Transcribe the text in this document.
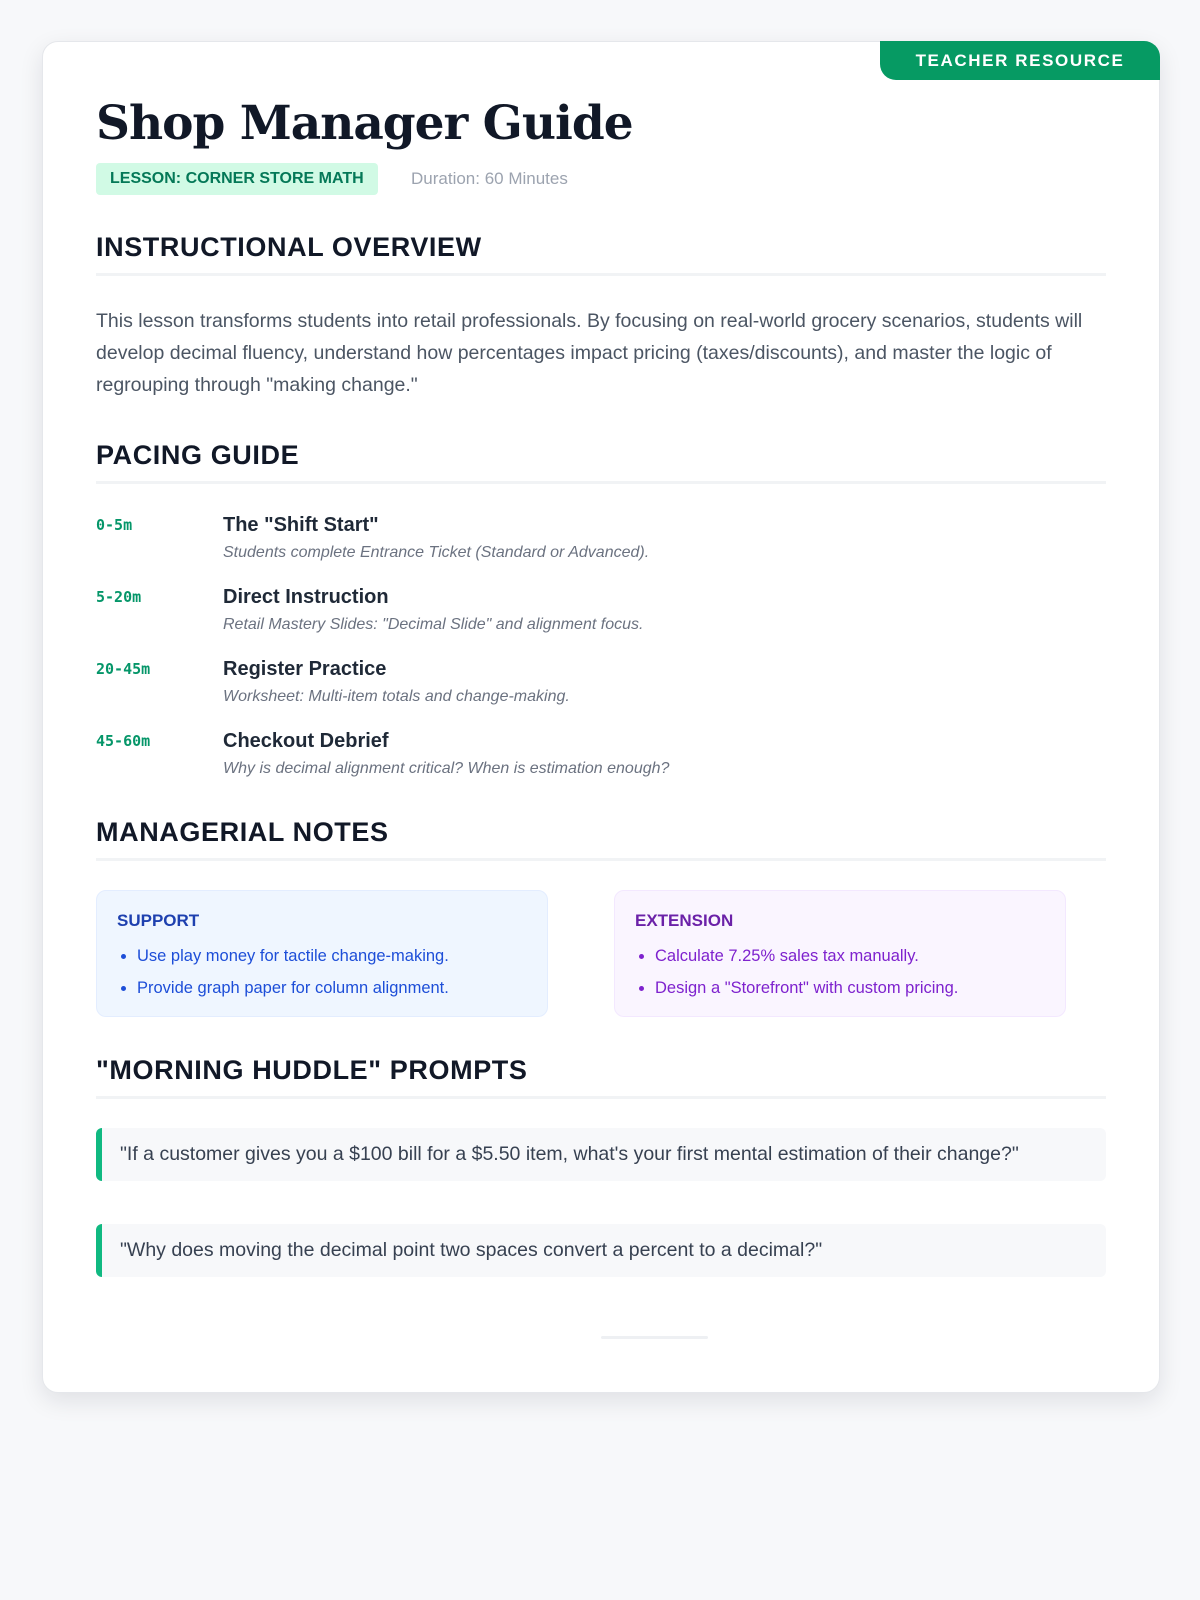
TEACHER RESOURCE
Shop Manager Guide
LESSON: CORNER STORE MATH	Duration: 60 Minutes
INSTRUCTIONAL OVERVIEW

This lesson transforms students into retail professionals. By focusing on real-world grocery scenarios, students will develop decimal fluency, understand how percentages impact pricing (taxes/discounts), and master the logic of regrouping through "making change."

PACING GUIDE
0-5m	The "Shift Start"
Students complete Entrance Ticket (Standard or Advanced).
5-20m	Direct Instruction
Retail Mastery Slides: "Decimal Slide" and alignment focus.
20-45m	Register Practice
Worksheet: Multi-item totals and change-making.
45-60m	Checkout Debrief
Why is decimal alignment critical? When is estimation enough?
MANAGERIAL NOTES
SUPPORT
• Use play money for tactile change-making.
• Provide graph paper for column alignment.
EXTENSION
• Calculate 7.25% sales tax manually.
• Design a "Storefront" with custom pricing.
"MORNING HUDDLE" PROMPTS
"If a customer gives you a $100 bill for a $5.50 item, what's your first mental estimation of their change?"
"Why does moving the decimal point two spaces convert a percent to a decimal?"
